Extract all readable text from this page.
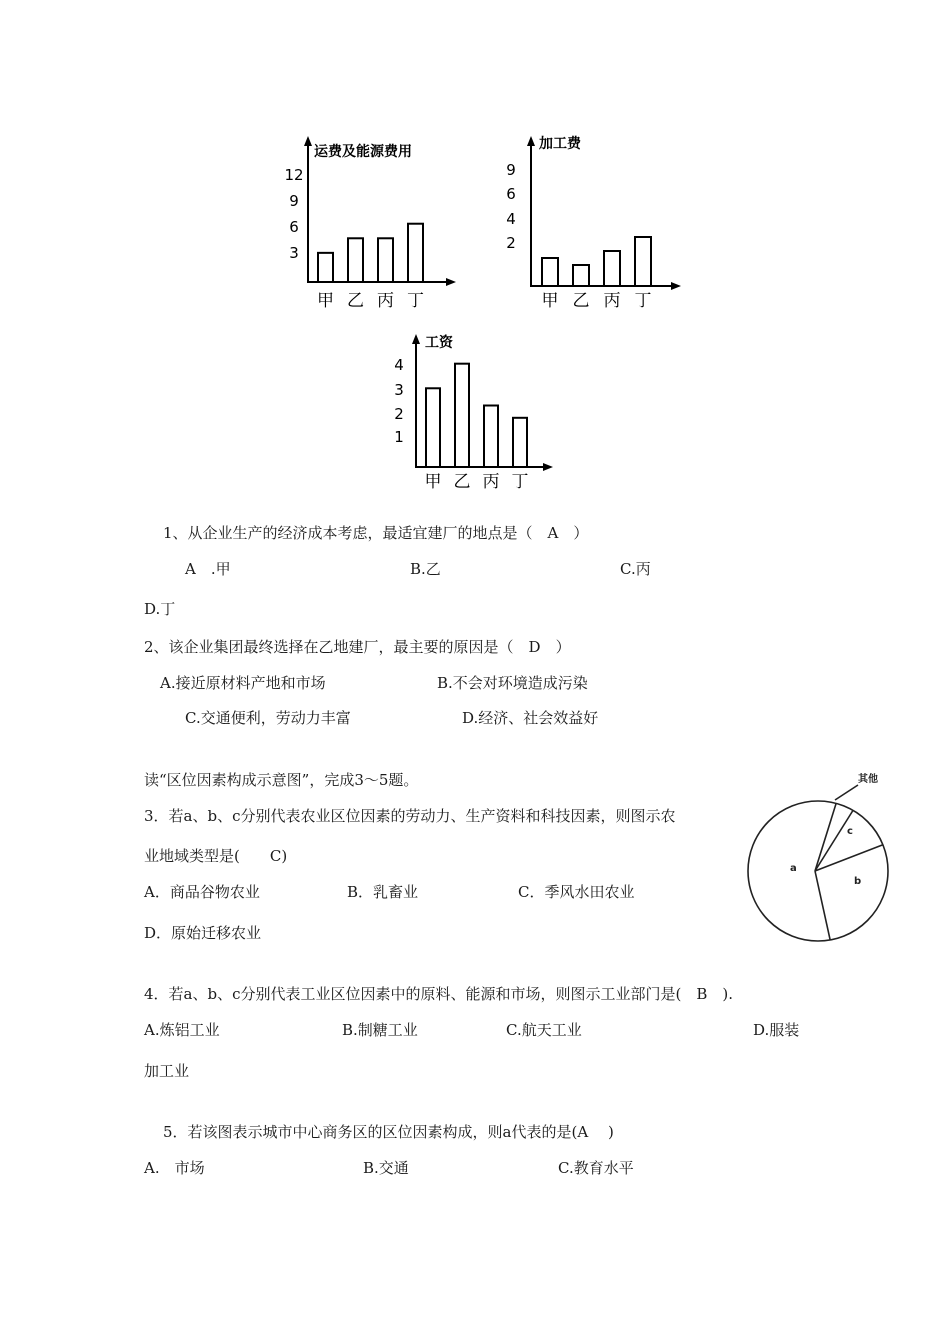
运费及能源费用
3
6
9
12
甲 乙 丙 丁
加工费
2
4
6
9
甲 乙 丙 丁
工资
1
2
3
4
甲 乙 丙 丁
a
b
c
其他
1、从企业生产的经济成本考虑，最适宜建厂的地点是（　A　）
A　.甲	B.乙	C.丙
D.丁
2、该企业集团最终选择在乙地建厂，最主要的原因是（　D　）
A.接近原材料产地和市场	B.不会对环境造成污染
C.交通便利，劳动力丰富	D.经济、社会效益好
读“区位因素构成示意图”，完成3～5题。
3．若a、b、c分别代表农业区位因素的劳动力、生产资料和科技因素，则图示农
业地域类型是(　　C)
A．商品谷物农业	B．乳畜业	C．季风水田农业
D．原始迁移农业
4．若a、b、c分别代表工业区位因素中的原料、能源和市场，则图示工业部门是(　B　).
A.炼铝工业	B.制糖工业	C.航天工业	D.服装
加工业
5．若该图表示城市中心商务区的区位因素构成，则a代表的是(A　 )
A.　市场	B.交通	C.教育水平
